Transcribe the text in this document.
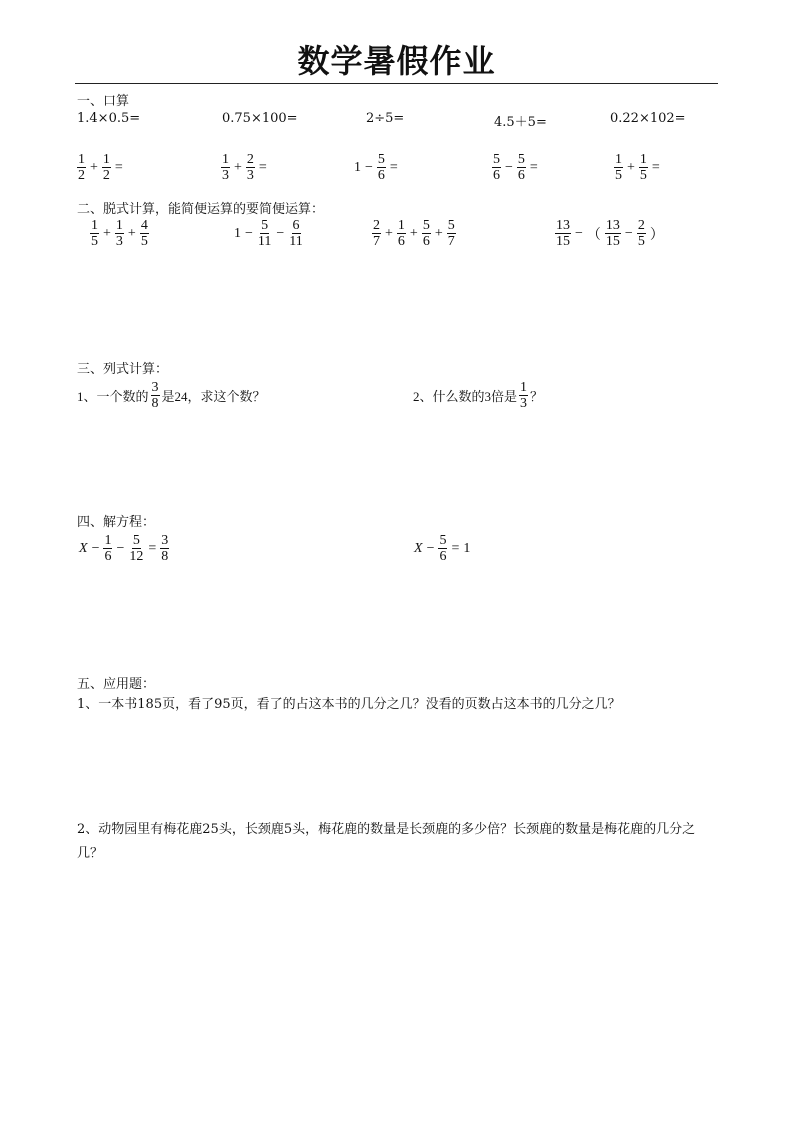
数学暑假作业
一、口算
1.4×0.5=	0.75×100=	2÷5=	4.5＋5=	0.22×102=
$\frac{1}{2} + \frac{1}{2}$ =	$\frac{1}{3} + \frac{2}{3}$ =	$1 - \frac{5}{6}$ =	$\frac{5}{6} - \frac{5}{6}$ =	$\frac{1}{5} + \frac{1}{5}$ =
二、脱式计算，能简便运算的要简便运算：
$\frac{1}{5} + \frac{1}{3} + \frac{4}{5}$	$1 - \frac{5}{11} - \frac{6}{11}$	$\frac{2}{7} + \frac{1}{6} + \frac{5}{6} + \frac{5}{7}$	$\frac{13}{15}$ − （ $\frac{13}{15} - \frac{2}{5}$ ）
三、列式计算：
1、一个数的 $\frac{3}{8}$ 是24，求这个数？	2、什么数的3倍是 $\frac{1}{3}$ ？
四、解方程：
$X - \frac{1}{6} - \frac{5}{12} = \frac{3}{8}$	$X - \frac{5}{6} = 1$
五、应用题：
1、一本书185页，看了95页，看了的占这本书的几分之几？没看的页数占这本书的几分之几？
2、动物园里有梅花鹿25头，长颈鹿5头，梅花鹿的数量是长颈鹿的多少倍？长颈鹿的数量是梅花鹿的几分之几？
